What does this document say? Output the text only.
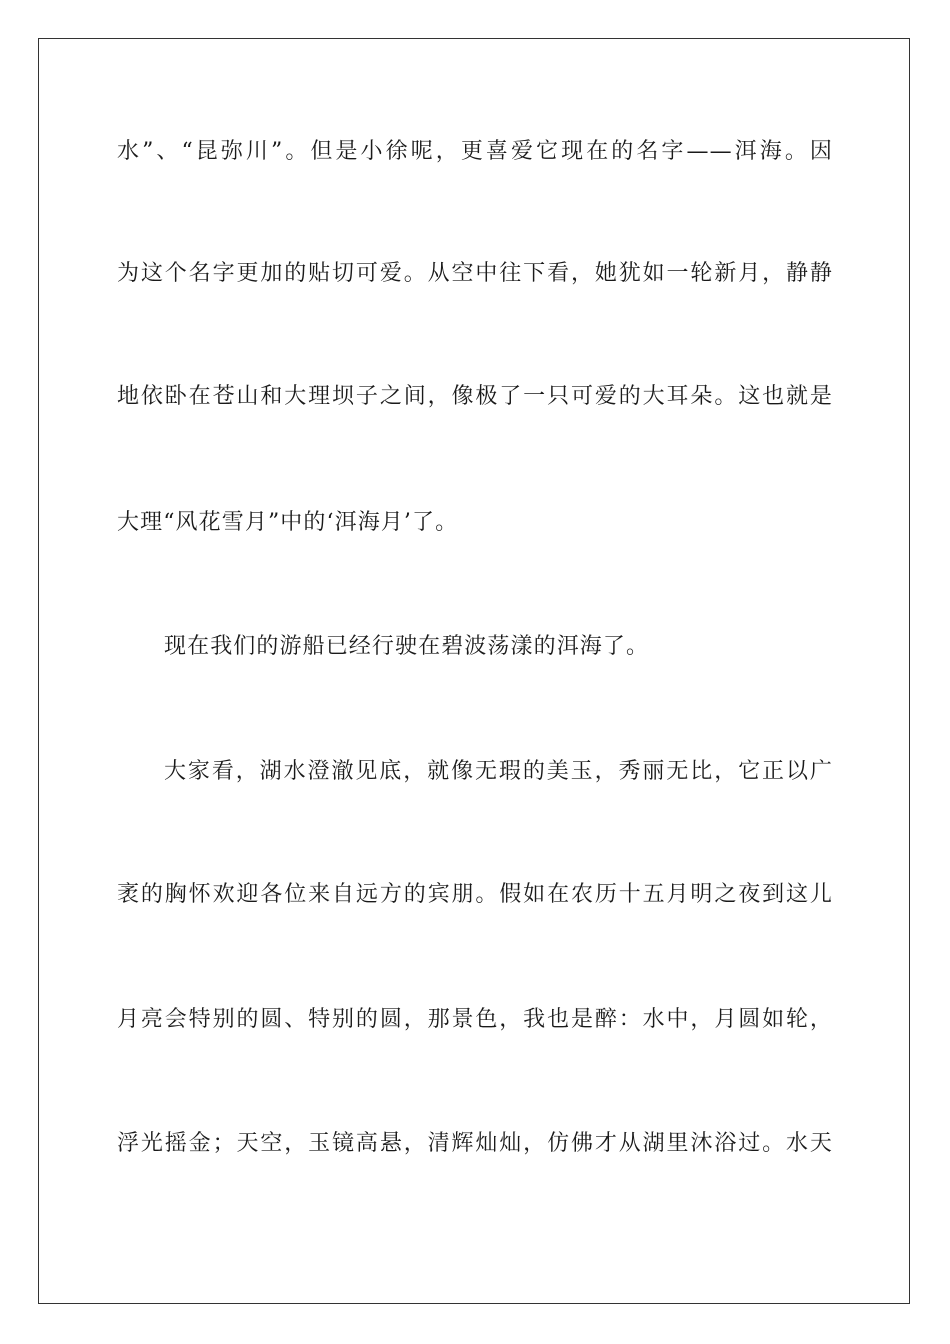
水”、“昆弥川”。但是小徐呢，更喜爱它现在的名字——洱海。因
为这个名字更加的贴切可爱。从空中往下看，她犹如一轮新月，静静
地依卧在苍山和大理坝子之间，像极了一只可爱的大耳朵。这也就是
大理“风花雪月”中的‘洱海月’了。
现在我们的游船已经行驶在碧波荡漾的洱海了。
大家看，湖水澄澈见底，就像无瑕的美玉，秀丽无比，它正以广
袤的胸怀欢迎各位来自远方的宾朋。假如在农历十五月明之夜到这儿
月亮会特别的圆、特别的圆，那景色，我也是醉：水中，月圆如轮，
浮光摇金；天空，玉镜高悬，清辉灿灿，仿佛才从湖里沐浴过。水天
